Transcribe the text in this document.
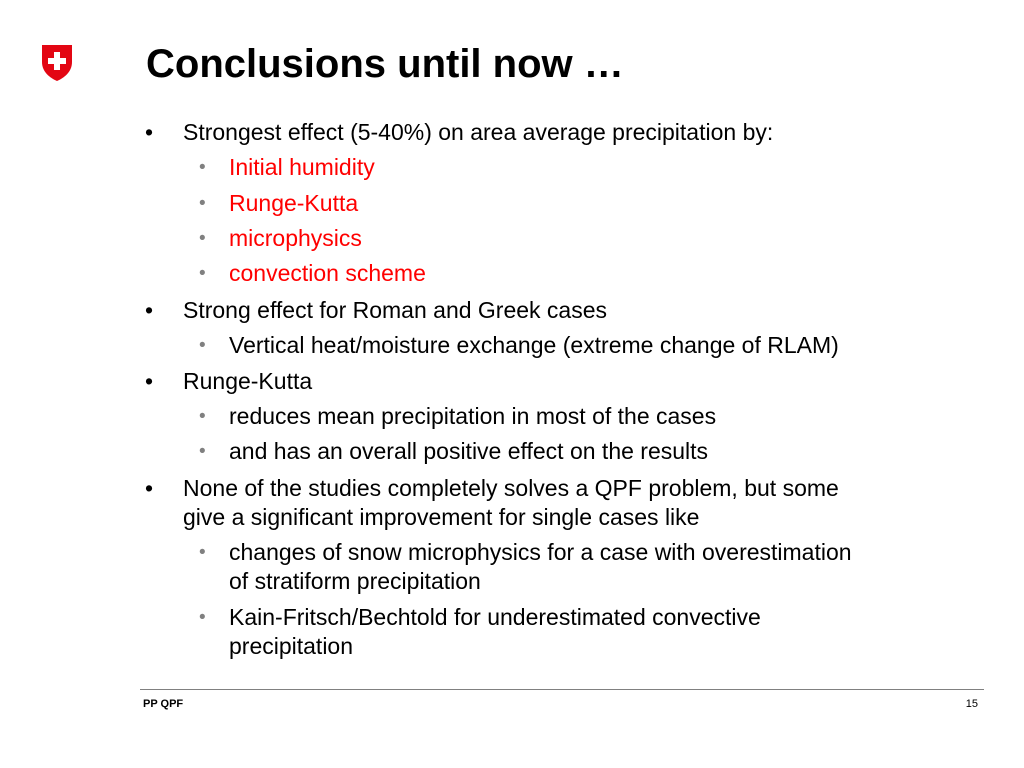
Conclusions until now …
• Strongest effect (5-40%) on area average precipitation by:
• Initial humidity
• Runge-Kutta
• microphysics
• convection scheme
• Strong effect for Roman and Greek cases
• Vertical heat/moisture exchange (extreme change of RLAM)
• Runge-Kutta
• reduces mean precipitation in most of the cases
• and has an overall positive effect on the results
• None of the studies completely solves a QPF problem, but some
give a significant improvement for single cases like
• changes of snow microphysics for a case with overestimation
of stratiform precipitation
• Kain-Fritsch/Bechtold for underestimated convective
precipitation
PP QPF	15
